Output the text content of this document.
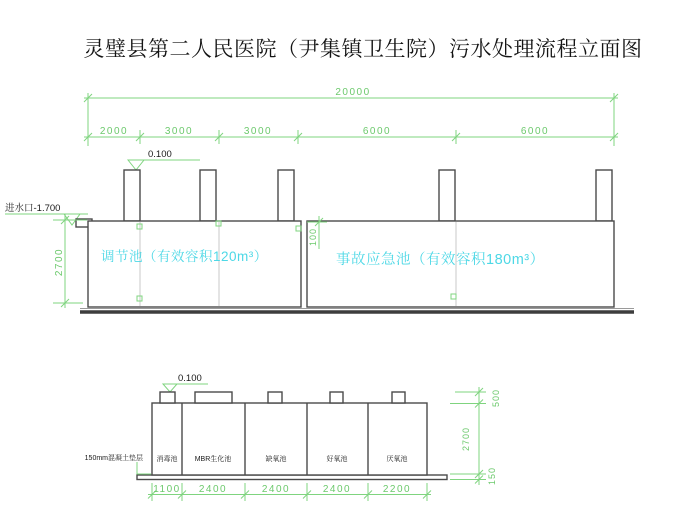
灵璧县第二人民医院（尹集镇卫生院）污水处理流程立面图
20000
2000	3000	3000	6000	6000
0.100
进水口-1.700
2700
100
调节池（有效容积120m³）	事故应急池（有效容积180m³）
0.100
消毒池 MBR生化池	缺氧池	好氧池	厌氧池
150mm混凝土垫层
1100 2400	2400	2400	2200
500
2700
150
